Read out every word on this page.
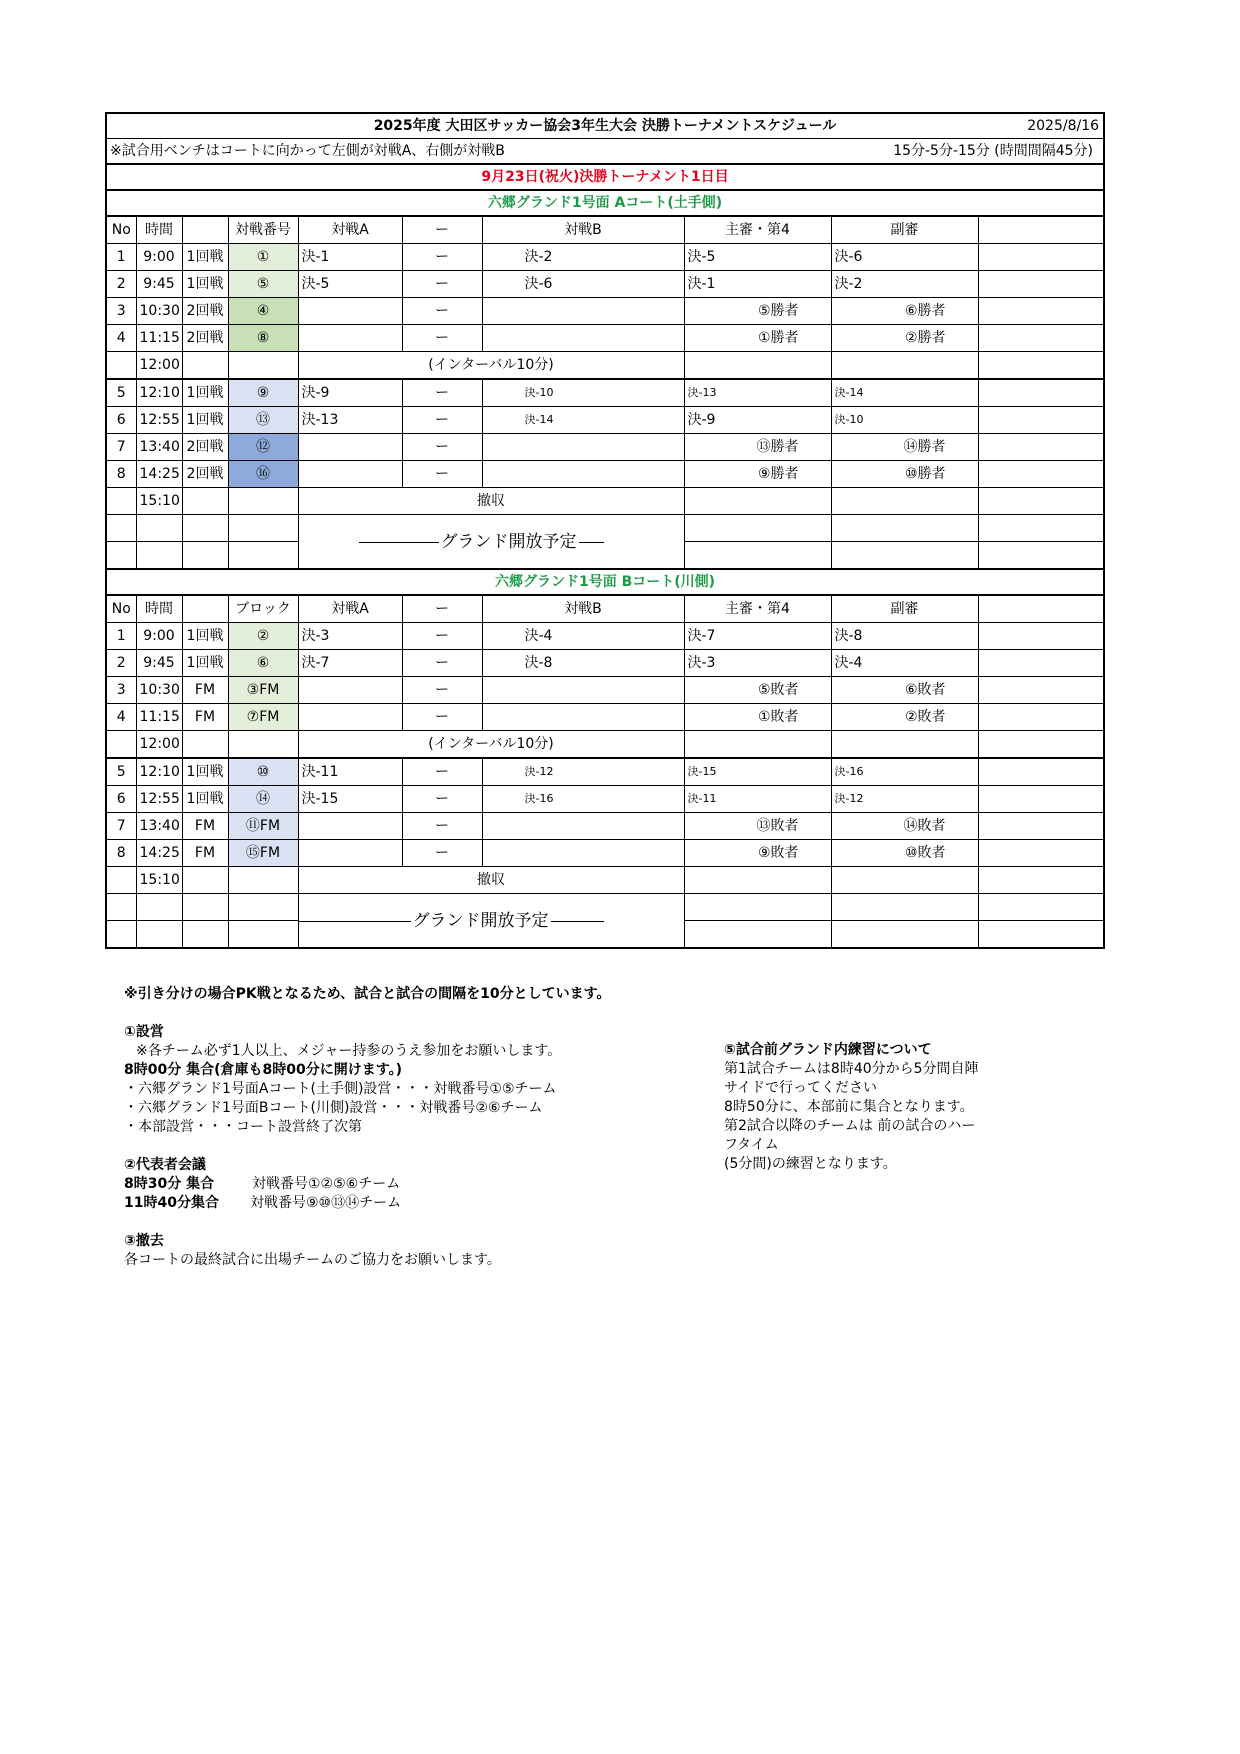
2025年度 大田区サッカー協会3年生大会 決勝トーナメントスケジュール 2025/8/16									

※試合用ベンチはコートに向かって左側が対戦A、右側が対戦B 15分-5分-15分 (時間間隔45分)									

9月23日(祝火)決勝トーナメント1日目									
六郷グランド1号面 Aコート(土手側)									
No	時間		対戦番号	対戦A	ー	対戦B	主審・第4	副審	
1	9:00	1回戦	①	決-1	ー	決-2	決-5	決-6	
2	9:45	1回戦	⑤	決-5	ー	決-6	決-1	決-2	
3	10:30	2回戦	④		ー		⑤勝者	⑥勝者	
4	11:15	2回戦	⑧		ー		①勝者	②勝者	
	12:00			(インターバル10分)					
5	12:10	1回戦	⑨	決-9	ー	決-10	決-13	決-14	
6	12:55	1回戦	⑬	決-13	ー	決-14	決-9	決-10	
7	13:40	2回戦	⑫		ー		⑬勝者	⑭勝者	
8	14:25	2回戦	⑯		ー		⑨勝者	⑩勝者	
	15:10			撤収					

				グランド開放予定					

六郷グランド1号面 Bコート(川側)									
No	時間		ブロック	対戦A	ー	対戦B	主審・第4	副審	
1	9:00	1回戦	②	決-3	ー	決-4	決-7	決-8	
2	9:45	1回戦	⑥	決-7	ー	決-8	決-3	決-4	
3	10:30	FM	③FM		ー		⑤敗者	⑥敗者	
4	11:15	FM	⑦FM		ー		①敗者	②敗者	
	12:00			(インターバル10分)					
5	12:10	1回戦	⑩	決-11	ー	決-12	決-15	決-16	
6	12:55	1回戦	⑭	決-15	ー	決-16	決-11	決-12	
7	13:40	FM	⑪FM		ー		⑬敗者	⑭敗者	
8	14:25	FM	⑮FM		ー		⑨敗者	⑩敗者	
	15:10			撤収					

				グランド開放予定					

※引き分けの場合PK戦となるため、試合と試合の間隔を10分としています。
①設営
※各チーム必ず1人以上、メジャー持参のうえ参加をお願いします。
8時00分 集合(倉庫も8時00分に開けます。)
・六郷グランド1号面Aコート(土手側)設営・・・対戦番号①⑤チーム
・六郷グランド1号面Bコート(川側)設営・・・対戦番号②⑥チーム
・本部設営・・・コート設営終了次第
②代表者会議
8時30分 集合	対戦番号①②⑤⑥チーム
11時40分集合 対戦番号⑨⑩⑬⑭チーム
③撤去
各コートの最終試合に出場チームのご協力をお願いします。
⑤試合前グランド内練習について
第1試合チームは8時40分から5分間自陣
サイドで行ってください
8時50分に、本部前に集合となります。
第2試合以降のチームは 前の試合のハー
フタイム
(5分間)の練習となります。
